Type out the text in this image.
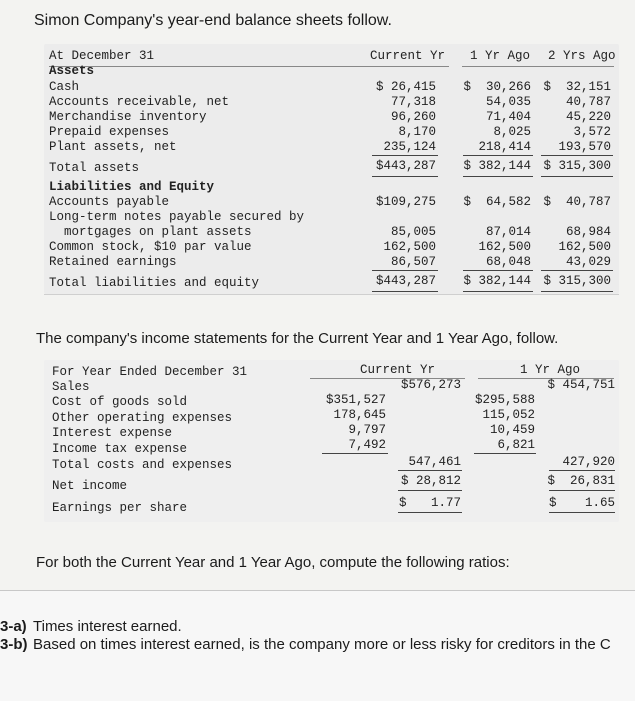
Simon Company's year-end balance sheets follow.
At December 31	Current Yr 1 Yr Ago 2 Yrs Ago
Assets
Cash	$ 26,415	$  30,266 $  32,151
Accounts receivable, net	77,318	54,035	40,787
Merchandise inventory	96,260	71,404	45,220
Prepaid expenses	8,170	8,025	3,572
Plant assets, net	235,124	218,414	193,570
Total assets	$443,287	$ 382,144 $ 315,300
Liabilities and Equity
Accounts payable	$109,275	$  64,582 $  40,787
Long-term notes payable secured by
mortgages on plant assets	85,005	87,014	68,984
Common stock, $10 par value	162,500	162,500	162,500
Retained earnings	86,507	68,048	43,029
Total liabilities and equity	$443,287	$ 382,144 $ 315,300
The company's income statements for the Current Year and 1 Year Ago, follow.
For Year Ended December 31	Current Yr	1 Yr Ago
Sales	$576,273	$ 454,751
Cost of goods sold	$351,527	$295,588
Other operating expenses	178,645	115,052
Interest expense	9,797	10,459
Income tax expense	7,492	6,821
Total costs and expenses	547,461	427,920
Net income	$ 28,812	$  26,831
Earnings per share	$	1.77	$	1.65
For both the Current Year and 1 Year Ago, compute the following ratios:
3-a) Times interest earned.
3-b) Based on times interest earned, is the company more or less risky for creditors in the C
